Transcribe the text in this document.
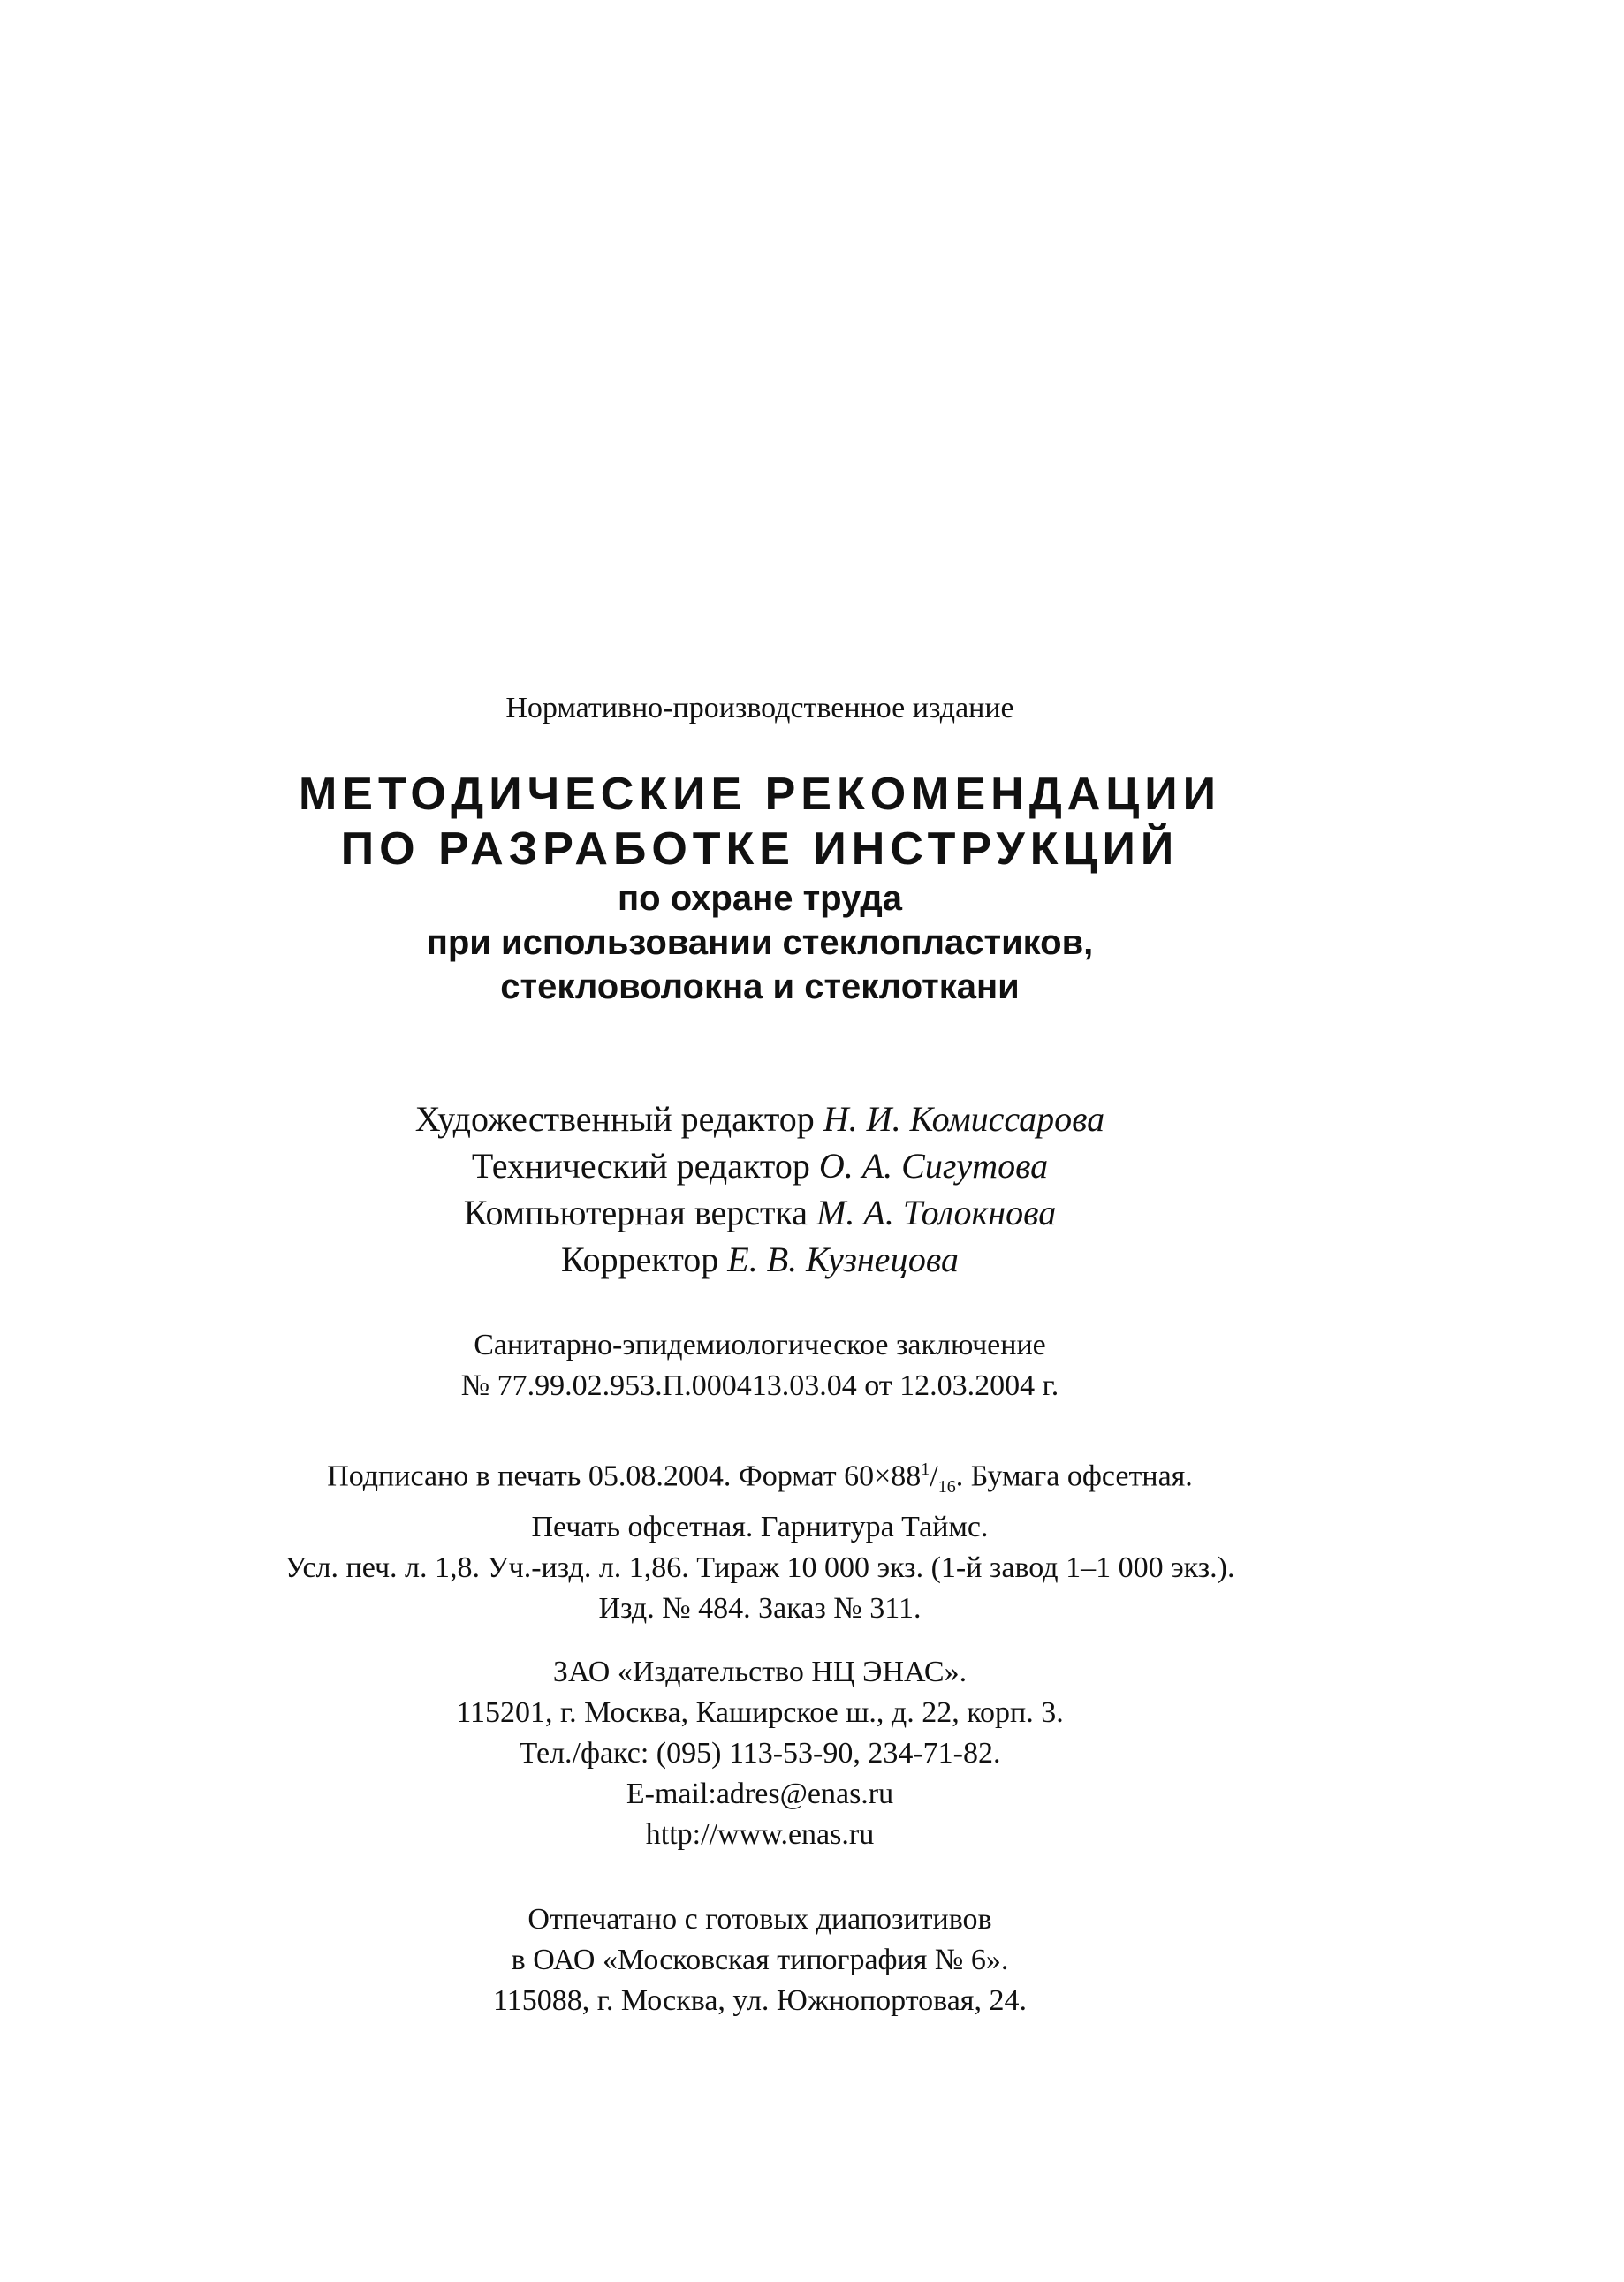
Нормативно-производственное издание
МЕТОДИЧЕСКИЕ РЕКОМЕНДАЦИИ
ПО РАЗРАБОТКЕ ИНСТРУКЦИЙ
по охране труда
при использовании стеклопластиков,
стекловолокна и стеклоткани
Художественный редактор Н. И. Комиссарова
Технический редактор О. А. Сигутова
Компьютерная верстка М. А. Толокнова
Корректор Е. В. Кузнецова
Санитарно-эпидемиологическое заключение
№ 77.99.02.953.П.000413.03.04 от 12.03.2004 г.
Подписано в печать 05.08.2004. Формат $60\times 88^1/_{16}$. Бумага офсетная.
Печать офсетная. Гарнитура Таймс.
Усл. печ. л. 1,8. Уч.-изд. л. 1,86. Тираж 10 000 экз. (1-й завод 1–1 000 экз.).
Изд. № 484. Заказ № 311.
ЗАО «Издательство НЦ ЭНАС».
115201, г. Москва, Каширское ш., д. 22, корп. 3.
Тел./факс: (095) 113-53-90, 234-71-82.
E-mail:adres@enas.ru
http://www.enas.ru
Отпечатано с готовых диапозитивов
в ОАО «Московская типография № 6».
115088, г. Москва, ул. Южнопортовая, 24.
